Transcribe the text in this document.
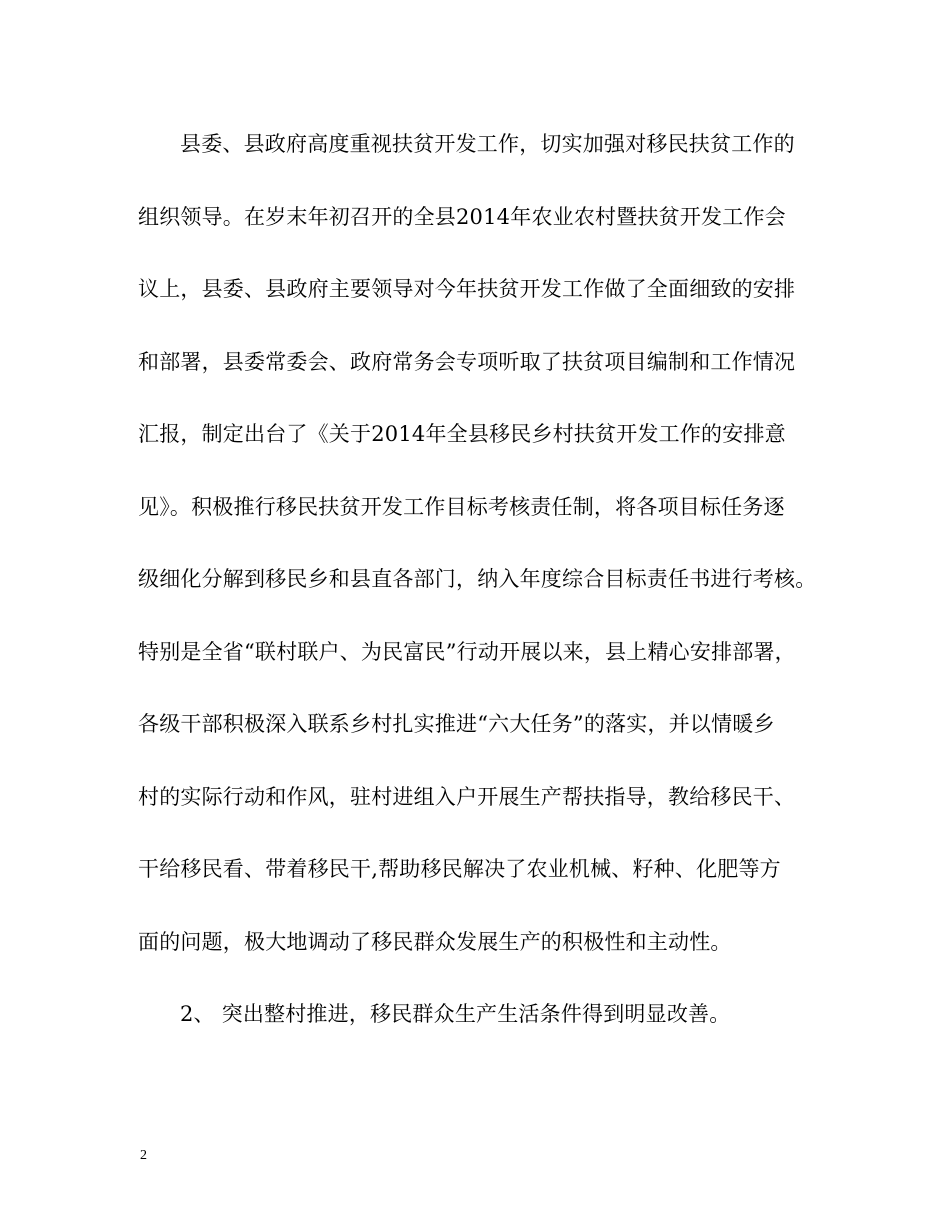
县委、县政府高度重视扶贫开发工作，切实加强对移民扶贫工作的
组织领导。在岁末年初召开的全县2014年农业农村暨扶贫开发工作会
议上，县委、县政府主要领导对今年扶贫开发工作做了全面细致的安排
和部署，县委常委会、政府常务会专项听取了扶贫项目编制和工作情况
汇报，制定出台了《关于2014年全县移民乡村扶贫开发工作的安排意
见》。积极推行移民扶贫开发工作目标考核责任制，将各项目标任务逐
级细化分解到移民乡和县直各部门，纳入年度综合目标责任书进行考核。
特别是全省“联村联户、为民富民”行动开展以来，县上精心安排部署，
各级干部积极深入联系乡村扎实推进“六大任务”的落实，并以情暖乡
村的实际行动和作风，驻村进组入户开展生产帮扶指导，教给移民干、
干给移民看、带着移民干,帮助移民解决了农业机械、籽种、化肥等方
面的问题，极大地调动了移民群众发展生产的积极性和主动性。
2、 突出整村推进，移民群众生产生活条件得到明显改善。
2
